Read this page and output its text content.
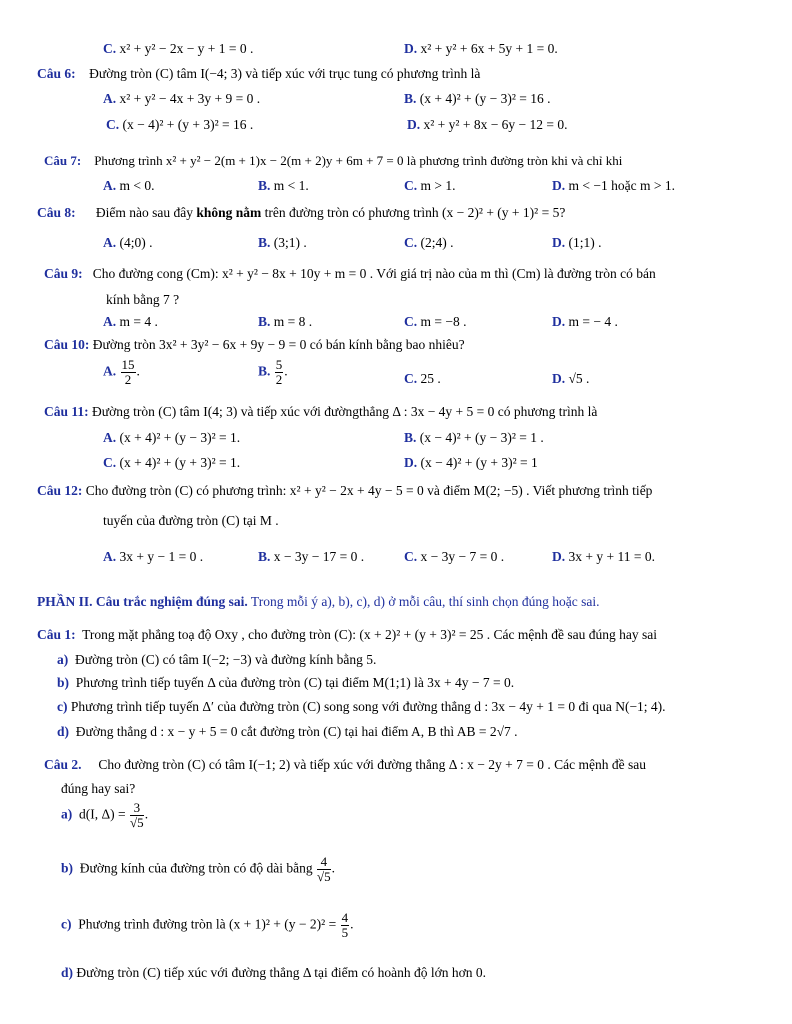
C. x² + y² − 2x − y + 1 = 0 .	D. x² + y² + 6x + 5y + 1 = 0.
Câu 6: Đường tròn (C) tâm I(−4; 3) và tiếp xúc với trục tung có phương trình là
A. x² + y² − 4x + 3y + 9 = 0 .	B. (x + 4)² + (y − 3)² = 16 .
C. (x − 4)² + (y + 3)² = 16 .	D. x² + y² + 8x − 6y − 12 = 0.
Câu 7: Phương trình x² + y² − 2(m + 1)x − 2(m + 2)y + 6m + 7 = 0 là phương trình đường tròn khi và chỉ khi
A. m < 0.	B. m < 1.	C. m > 1.	D. m < −1 hoặc m > 1.
Câu 8: Điểm nào sau đây không nằm trên đường tròn có phương trình (x − 2)² + (y + 1)² = 5?
A. (4;0) .	B. (3;1) .	C. (2;4) .	D. (1;1) .
Câu 9: Cho đường cong (Cm): x² + y² − 8x + 10y + m = 0 . Với giá trị nào của m thì (Cm) là đường tròn có bán
kính bằng 7 ?
A. m = 4 .	B. m = 8 .	C. m = −8 .	D. m = − 4 .
Câu 10: Đường tròn 3x² + 3y² − 6x + 9y − 9 = 0 có bán kính bằng bao nhiêu?
A. $\frac{15}{2}$ .	B. $\frac{5}{2}$ .	C. 25 .	D. √5 .
Câu 11: Đường tròn (C) tâm I(4; 3) và tiếp xúc với đườngthẳng Δ : 3x − 4y + 5 = 0 có phương trình là
A. (x + 4)² + (y − 3)² = 1.	B. (x − 4)² + (y − 3)² = 1 .
C. (x + 4)² + (y + 3)² = 1.	D. (x − 4)² + (y + 3)² = 1
Câu 12: Cho đường tròn (C) có phương trình: x² + y² − 2x + 4y − 5 = 0 và điểm M(2; −5) . Viết phương trình tiếp
tuyến của đường tròn (C) tại M .
A. 3x + y − 1 = 0 .	B. x − 3y − 17 = 0 .	C. x − 3y − 7 = 0 .	D. 3x + y + 11 = 0.
PHẦN II. Câu trắc nghiệm đúng sai. Trong mỗi ý a), b), c), d) ở mỗi câu, thí sinh chọn đúng hoặc sai.
Câu 1: Trong mặt phẳng toạ độ Oxy , cho đường tròn (C): (x + 2)² + (y + 3)² = 25 . Các mệnh đề sau đúng hay sai
a) Đường tròn (C) có tâm I(−2; −3) và đường kính bằng 5.
b) Phương trình tiếp tuyến Δ của đường tròn (C) tại điểm M(1;1) là 3x + 4y − 7 = 0.
c) Phương trình tiếp tuyến Δ′ của đường tròn (C) song song với đường thẳng d : 3x − 4y + 1 = 0 đi qua N(−1; 4).
d) Đường thẳng d : x − y + 5 = 0 cắt đường tròn (C) tại hai điểm A, B thì AB = 2√7 .
Câu 2. Cho đường tròn (C) có tâm I(−1; 2) và tiếp xúc với đường thẳng Δ : x − 2y + 7 = 0 . Các mệnh đề sau
đúng hay sai?
a) d(I, $\Delta) = \frac{3}{√5}$ .
b) Đường kính của đường tròn có độ dài bằng $\frac{4}{√5}$ .
c) Phương trình đường tròn là $(x + 1)^2 + (y - 2)^2 = \frac{4}{5}$ .
d) Đường tròn (C) tiếp xúc với đường thẳng Δ tại điểm có hoành độ lớn hơn 0.
